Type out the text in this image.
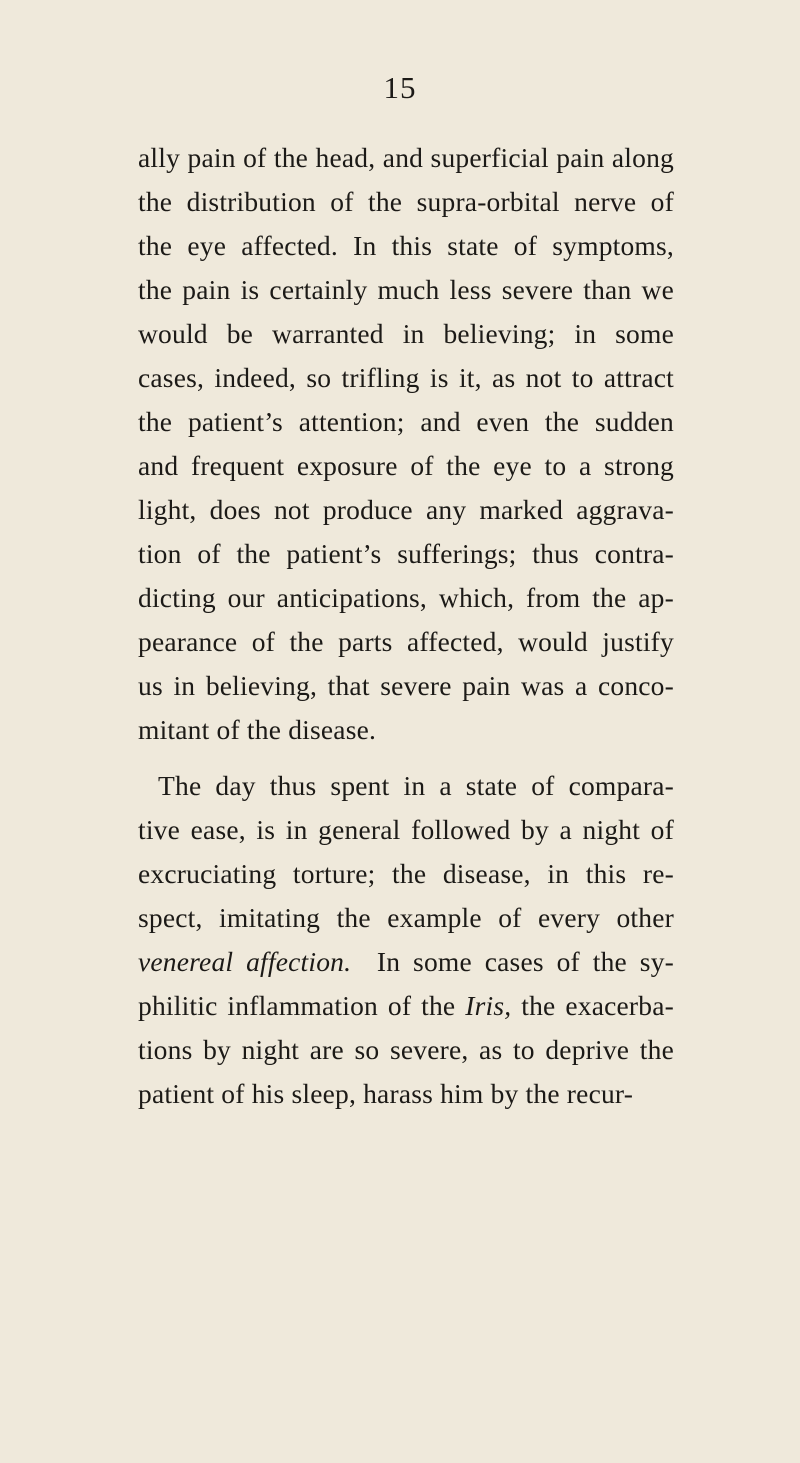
15
ally pain of the head, and superficial pain along
the distribution of the supra-orbital nerve of
the eye affected. In this state of symptoms,
the pain is certainly much less severe than we
would be warranted in believing; in some
cases, indeed, so trifling is it, as not to attract
the patient’s attention; and even the sudden
and frequent exposure of the eye to a strong
light, does not produce any marked aggrava-
tion of the patient’s sufferings; thus contra-
dicting our anticipations, which, from the ap-
pearance of the parts affected, would justify
us in believing, that severe pain was a conco-
mitant of the disease.
The day thus spent in a state of compara-
tive ease, is in general followed by a night of
excruciating torture; the disease, in this re-
spect, imitating the example of every other
venereal affection.  In some cases of the sy-
philitic inflammation of the Iris, the exacerba-
tions by night are so severe, as to deprive the
patient of his sleep, harass him by the recur-
